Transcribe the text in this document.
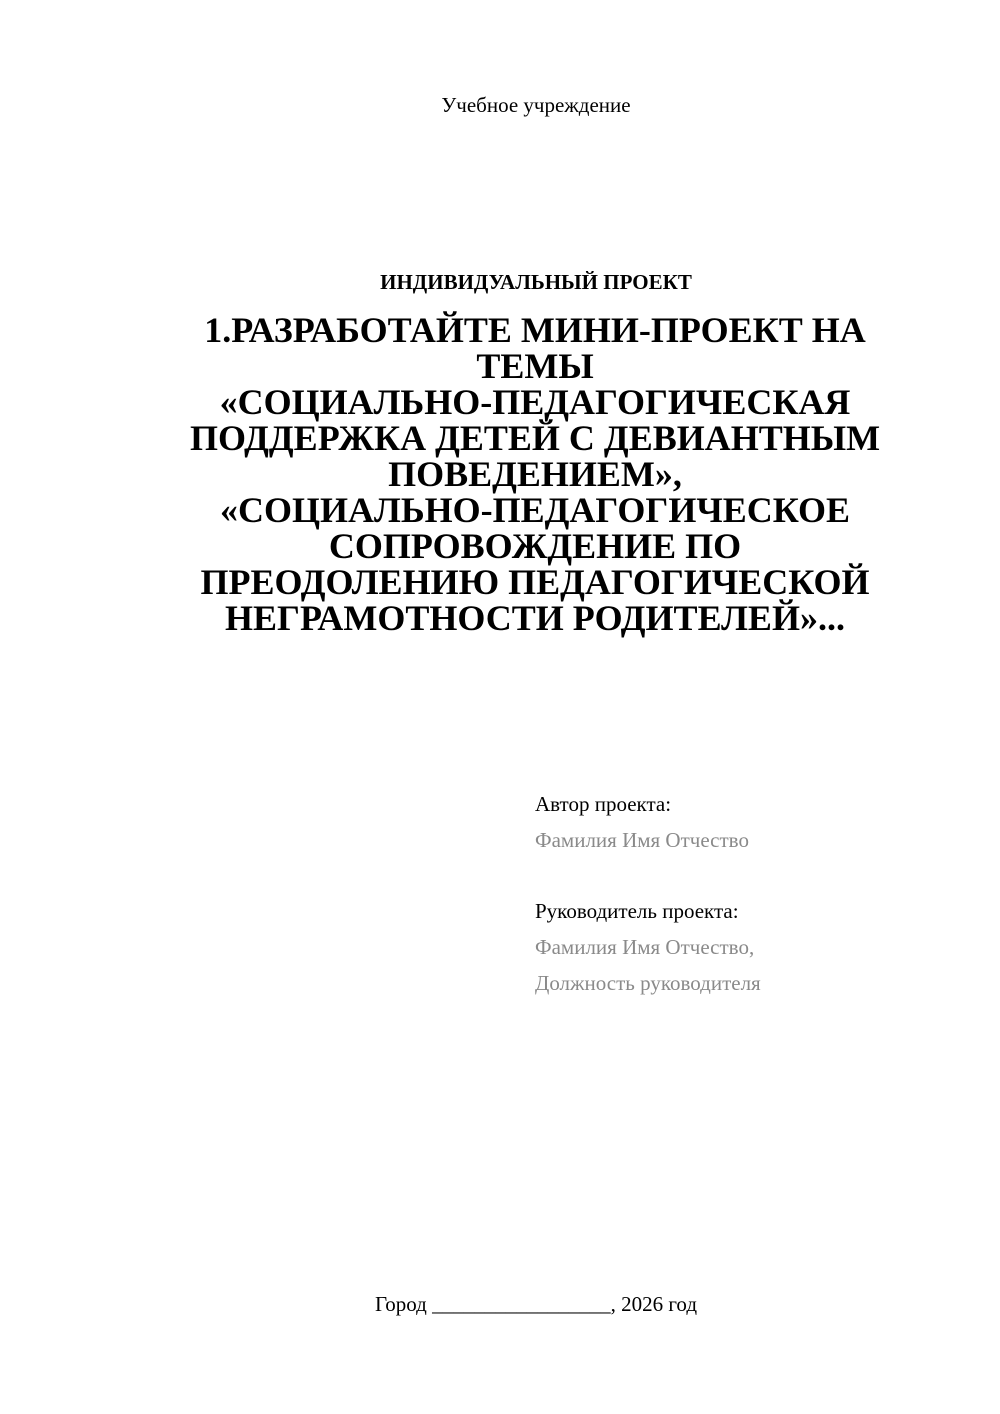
Учебное учреждение
ИНДИВИДУАЛЬНЫЙ ПРОЕКТ
1.РАЗРАБОТАЙТЕ МИНИ-ПРОЕКТ НА
ТЕМЫ
«СОЦИАЛЬНО-ПЕДАГОГИЧЕСКАЯ
ПОДДЕРЖКА ДЕТЕЙ С ДЕВИАНТНЫМ
ПОВЕДЕНИЕМ»,
«СОЦИАЛЬНО-ПЕДАГОГИЧЕСКОЕ
СОПРОВОЖДЕНИЕ ПО
ПРЕОДОЛЕНИЮ ПЕДАГОГИЧЕСКОЙ
НЕГРАМОТНОСТИ РОДИТЕЛЕЙ»...
Автор проекта:
Фамилия Имя Отчество
Руководитель проекта:
Фамилия Имя Отчество,
Должность руководителя
Город _________________, 2026 год
